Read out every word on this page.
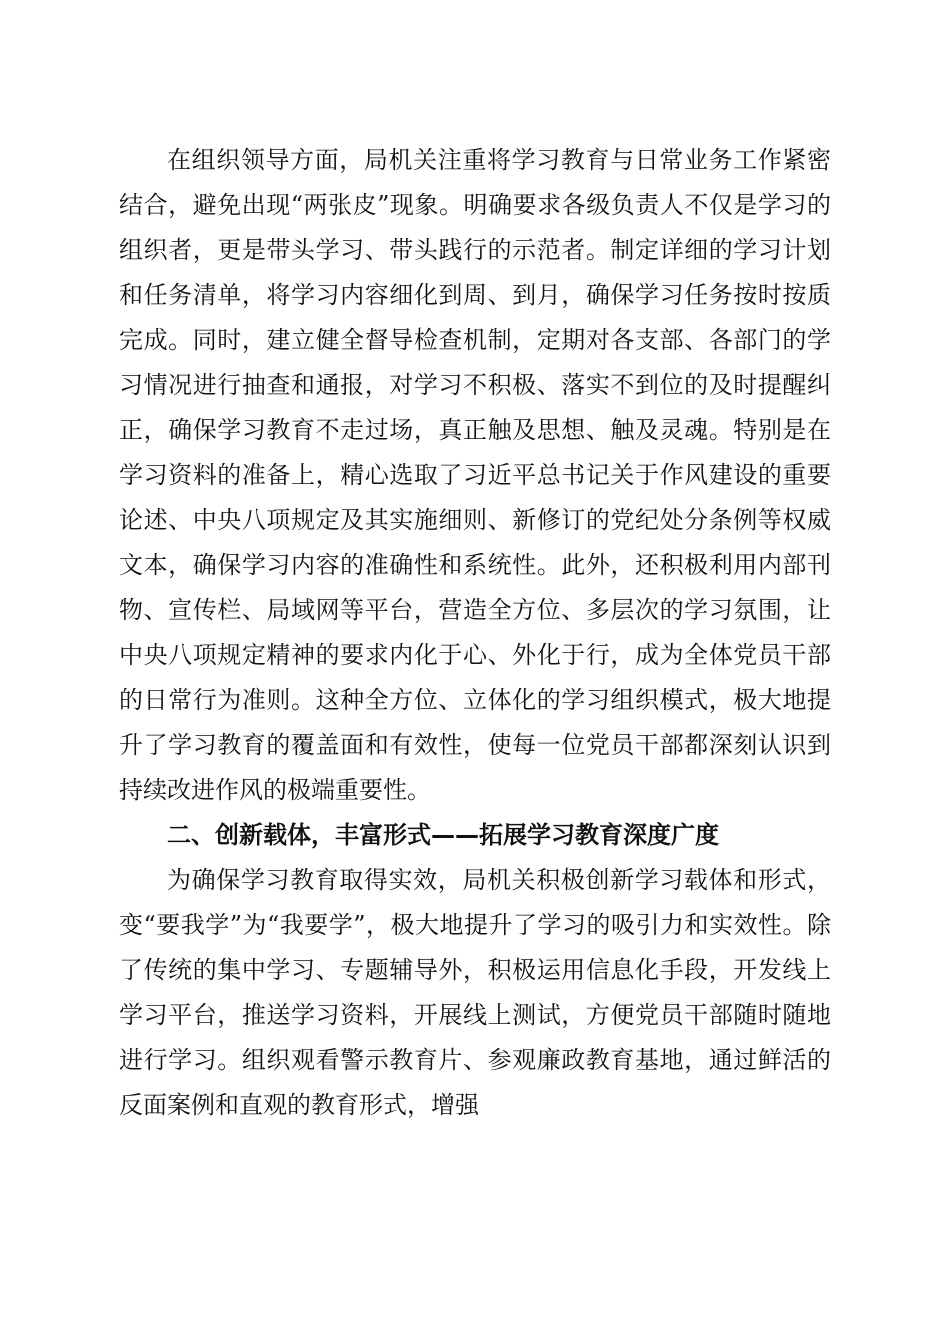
在组织领导方面，局机关注重将学习教育与日常业务工作紧密结合，避免出现“两张皮”现象。明确要求各级负责人不仅是学习的组织者，更是带头学习、带头践行的示范者。制定详细的学习计划和任务清单，将学习内容细化到周、到月，确保学习任务按时按质完成。同时，建立健全督导检查机制，定期对各支部、各部门的学习情况进行抽查和通报，对学习不积极、落实不到位的及时提醒纠正，确保学习教育不走过场，真正触及思想、触及灵魂。特别是在学习资料的准备上，精心选取了习近平总书记关于作风建设的重要论述、中央八项规定及其实施细则、新修订的党纪处分条例等权威文本，确保学习内容的准确性和系统性。此外，还积极利用内部刊物、宣传栏、局域网等平台，营造全方位、多层次的学习氛围，让中央八项规定精神的要求内化于心、外化于行，成为全体党员干部的日常行为准则。这种全方位、立体化的学习组织模式，极大地提升了学习教育的覆盖面和有效性，使每一位党员干部都深刻认识到持续改进作风的极端重要性。

二、创新载体，丰富形式——拓展学习教育深度广度

为确保学习教育取得实效，局机关积极创新学习载体和形式，变“要我学”为“我要学”，极大地提升了学习的吸引力和实效性。除了传统的集中学习、专题辅导外，积极运用信息化手段，开发线上学习平台，推送学习资料，开展线上测试，方便党员干部随时随地进行学习。组织观看警示教育片、参观廉政教育基地，通过鲜活的反面案例和直观的教育形式，增强
